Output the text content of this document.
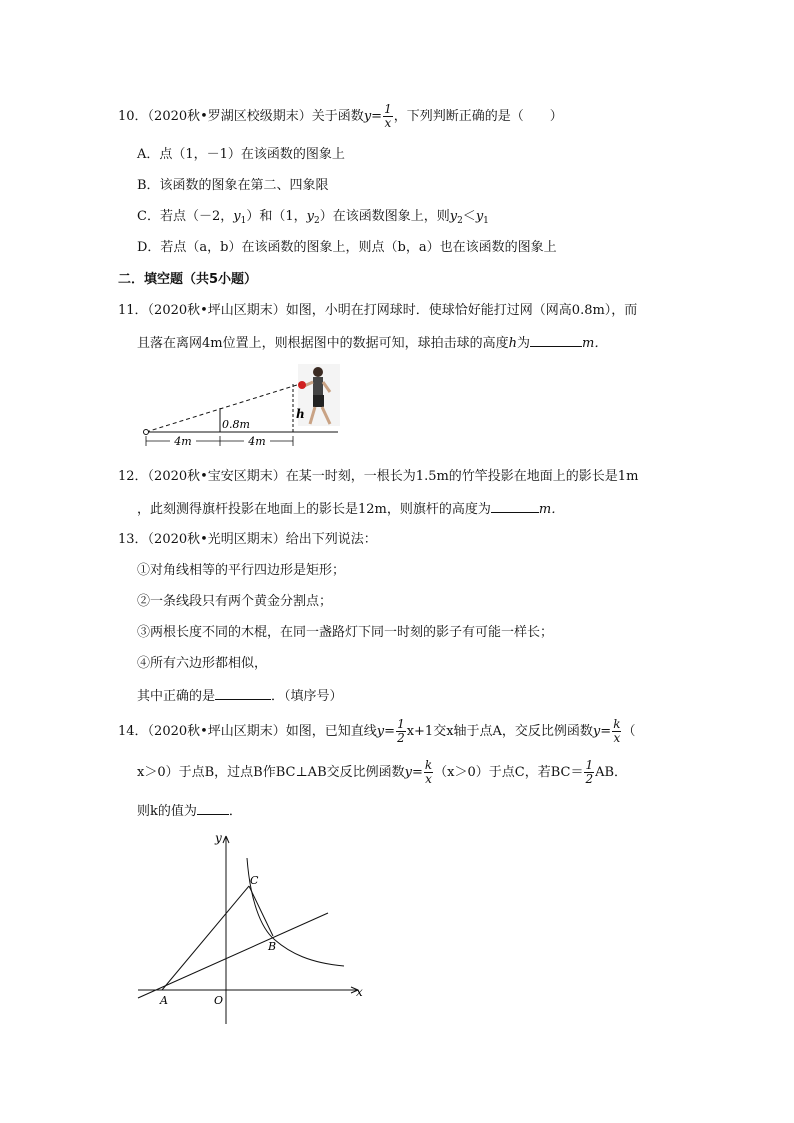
10．（2020秋•罗湖区校级期末）关于函数$y= \frac{1}{x}$ ，下列判断正确的是（　　）
A．点（1，－1）在该函数的图象上
B．该函数的图象在第二、四象限
C．若点（－2，$y_1$）和（1，$y_2$）在该函数图象上，则$y_2<y_1$
D．若点（a，b）在该函数的图象上，则点（b，a）也在该函数的图象上
二．填空题（共5小题）
11．（2020秋•坪山区期末）如图，小明在打网球时．使球恰好能打过网（网高0.8m），而
且落在离网4m位置上，则根据图中的数据可知，球拍击球的高度h为	m．
4m	4m
0.8m
h
12．（2020秋•宝安区期末）在某一时刻，一根长为1.5m的竹竿投影在地面上的影长是1m
，此刻测得旗杆投影在地面上的影长是12m，则旗杆的高度为	m．
13．（2020秋•光明区期末）给出下列说法：
①对角线相等的平行四边形是矩形；
②一条线段只有两个黄金分割点；
③两根长度不同的木棍，在同一盏路灯下同一时刻的影子有可能一样长；
④所有六边形都相似，
其中正确的是	．（填序号）
14．（2020秋•坪山区期末）如图，已知直线$y= \frac{1}{2} x+1$交x轴于点A，交反比例函数$y= \frac{k}{x}$ （
x＞0）于点B，过点B作BC⊥AB交反比例函数$y= \frac{k}{x} (x>0)$于点C，若$BC= \frac{1}{2}$ AB．
则k的值为 ．
y
x
A	O
B
C
